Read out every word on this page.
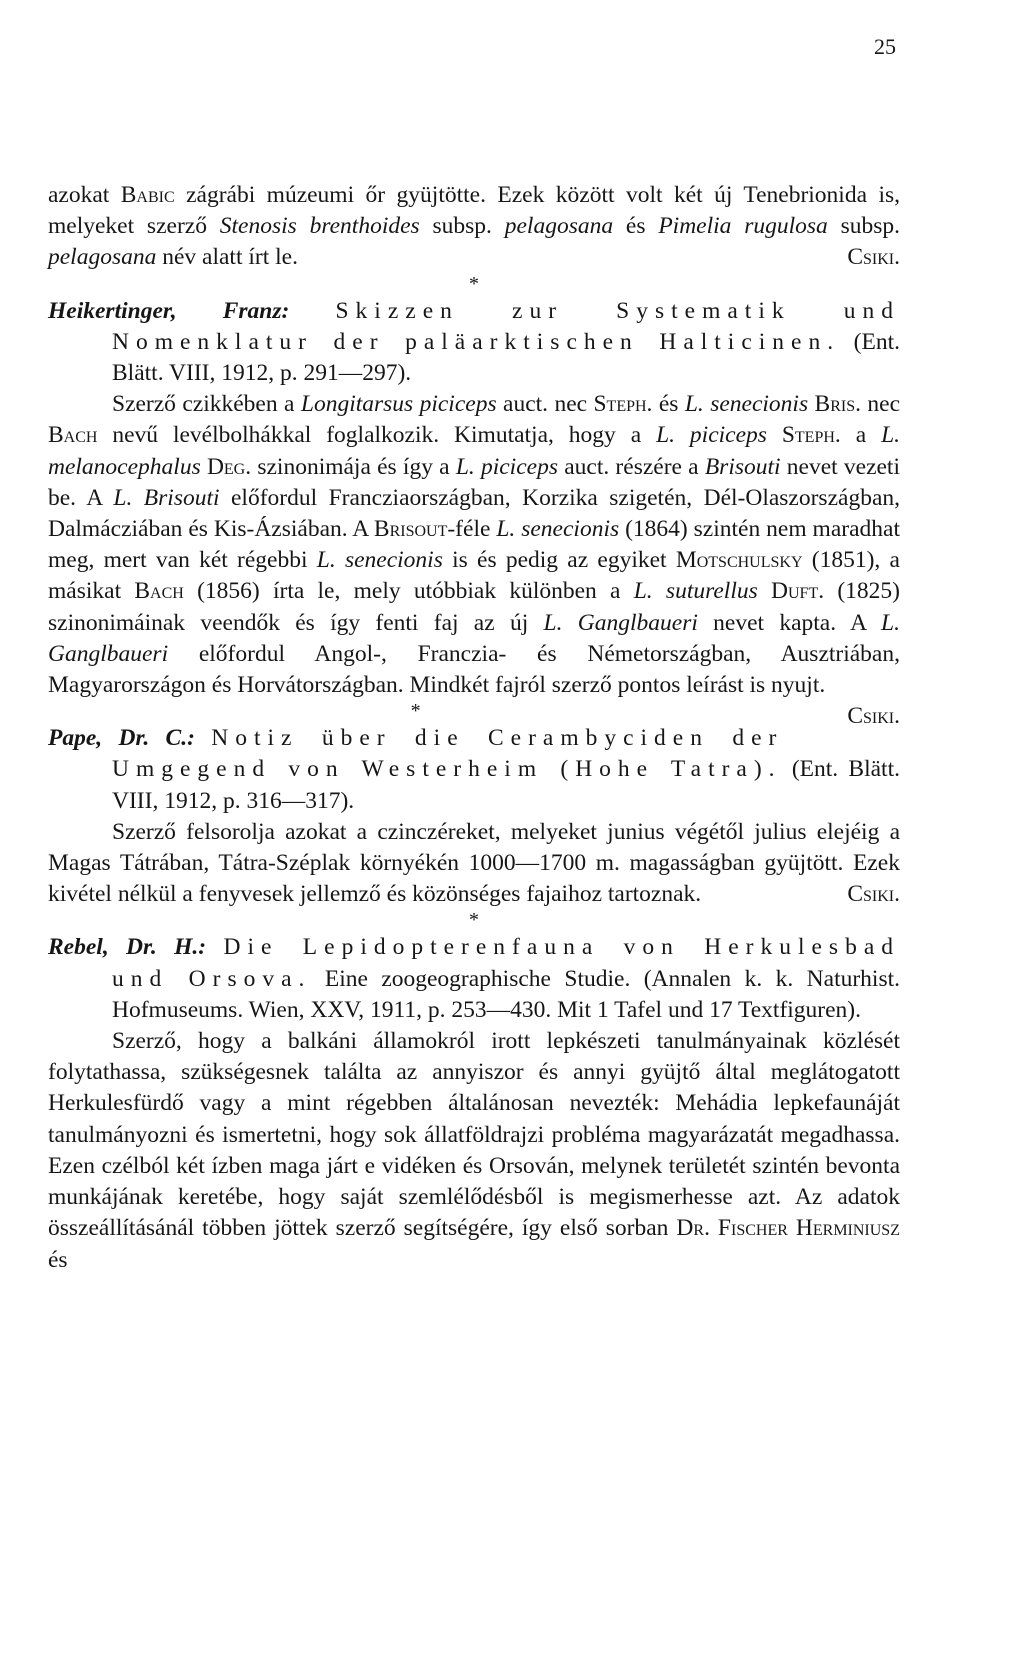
25

azokat Babic zágrábi múzeumi őr gyüjtötte. Ezek között volt két új Tenebrionida is, melyeket szerző Stenosis brenthoides subsp. pelagosana és Pimelia rugulosa subsp. pelagosana név alatt írt le.	Csiki.

*

Heikertinger, Franz: Skizzen zur Systematik und Nomenklatur der paläarktischen Halticinen. (Ent. Blätt. VIII, 1912, p. 291—297).

Szerző czikkében a Longitarsus piciceps auct. nec Steph. és L. senecionis Bris. nec Bach nevű levélbolhákkal foglalkozik. Kimutatja, hogy a L. piciceps Steph. a L. melanocephalus Deg. szinonimája és így a L. piciceps auct. részére a Brisouti nevet vezeti be. A L. Brisouti előfordul Francziaországban, Korzika szigetén, Dél-Olaszországban, Dalmácziában és Kis-Ázsiában. A Brisout-féle L. senecionis (1864) szintén nem maradhat meg, mert van két régebbi L. senecionis is és pedig az egyiket Motschulsky (1851), a másikat Bach (1856) írta le, mely utóbbiak különben a L. suturellus Duft. (1825) szinonimáinak veendők és így fenti faj az új L. Ganglbaueri nevet kapta. A L. Ganglbaueri előfordul Angol-, Franczia- és Németországban, Ausztriában, Magyarországon és Horvátországban. Mindkét fajról szerző pontos leírást is nyujt.
Csiki.

*

Pape, Dr. C.: Notiz über die Cerambyciden der Umgegend von Westerheim (Hohe Tatra). (Ent. Blätt. VIII, 1912, p. 316—317).

Szerző felsorolja azokat a czinczéreket, melyeket junius végétől julius elejéig a Magas Tátrában, Tátra-Széplak környékén 1000—1700 m. magasságban gyüjtött. Ezek kivétel nélkül a fenyvesek jellemző és közönséges fajaihoz tartoznak.	Csiki.

*

Rebel, Dr. H.: Die Lepidopterenfauna von Herkulesbad und Orsova. Eine zoogeographische Studie. (Annalen k. k. Naturhist. Hofmuseums. Wien, XXV, 1911, p. 253—430. Mit 1 Tafel und 17 Textfiguren).

Szerző, hogy a balkáni államokról irott lepkészeti tanulmányainak közlését folytathassa, szükségesnek találta az annyiszor és annyi gyüjtő által meglátogatott Herkulesfürdő vagy a mint régebben általánosan nevezték: Mehádia lepkefaunáját tanulmányozni és ismertetni, hogy sok állatföldrajzi probléma magyarázatát megadhassa. Ezen czélból két ízben maga járt e vidéken és Orsován, melynek területét szintén bevonta munkájának keretébe, hogy saját szemlélődésből is megismerhesse azt. Az adatok összeállításánál többen jöttek szerző segítségére, így első sorban Dr. Fischer Herminiusz és
